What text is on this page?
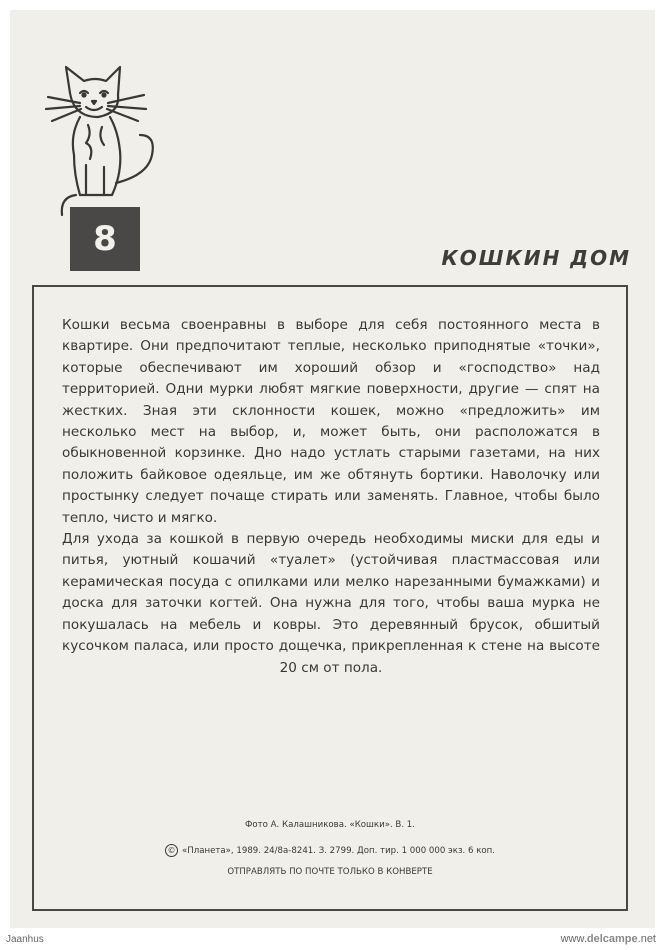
8	КОШКИН ДОМ

Кошки весьма своенравны в выборе для себя постоянного места в квартире. Они предпочитают теплые, несколько приподнятые «точки», которые обеспечивают им хороший обзор и «господство» над территорией. Одни мурки любят мягкие поверхности, другие — спят на жестких. Зная эти склонности кошек, можно «предложить» им несколько мест на выбор, и, может быть, они расположатся в обыкновенной корзинке. Дно надо устлать старыми газетами, на них положить байковое одеяльце, им же обтянуть бортики. Наволочку или простынку следует почаще стирать или заменять. Главное, чтобы было тепло, чисто и мягко.

Для ухода за кошкой в первую очередь необходимы миски для еды и питья, уютный кошачий «туалет» (устойчивая пластмассовая или керамическая посуда с опилками или мелко нарезанными бумажками) и доска для заточки когтей. Она нужна для того, чтобы ваша мурка не покушалась на мебель и ковры. Это деревянный брусок, обшитый кусочком паласа, или просто дощечка, прикрепленная к стене на высоте 20 см от пола.

Фото А. Калашникова. «Кошки». В. 1.
© «Планета», 1989. 24/8а-8241. З. 2799. Доп. тир. 1 000 000 экз. 6 коп.
ОТПРАВЛЯТЬ ПО ПОЧТЕ ТОЛЬКО В КОНВЕРТЕ
Jaanhus	www.delcampe.net
